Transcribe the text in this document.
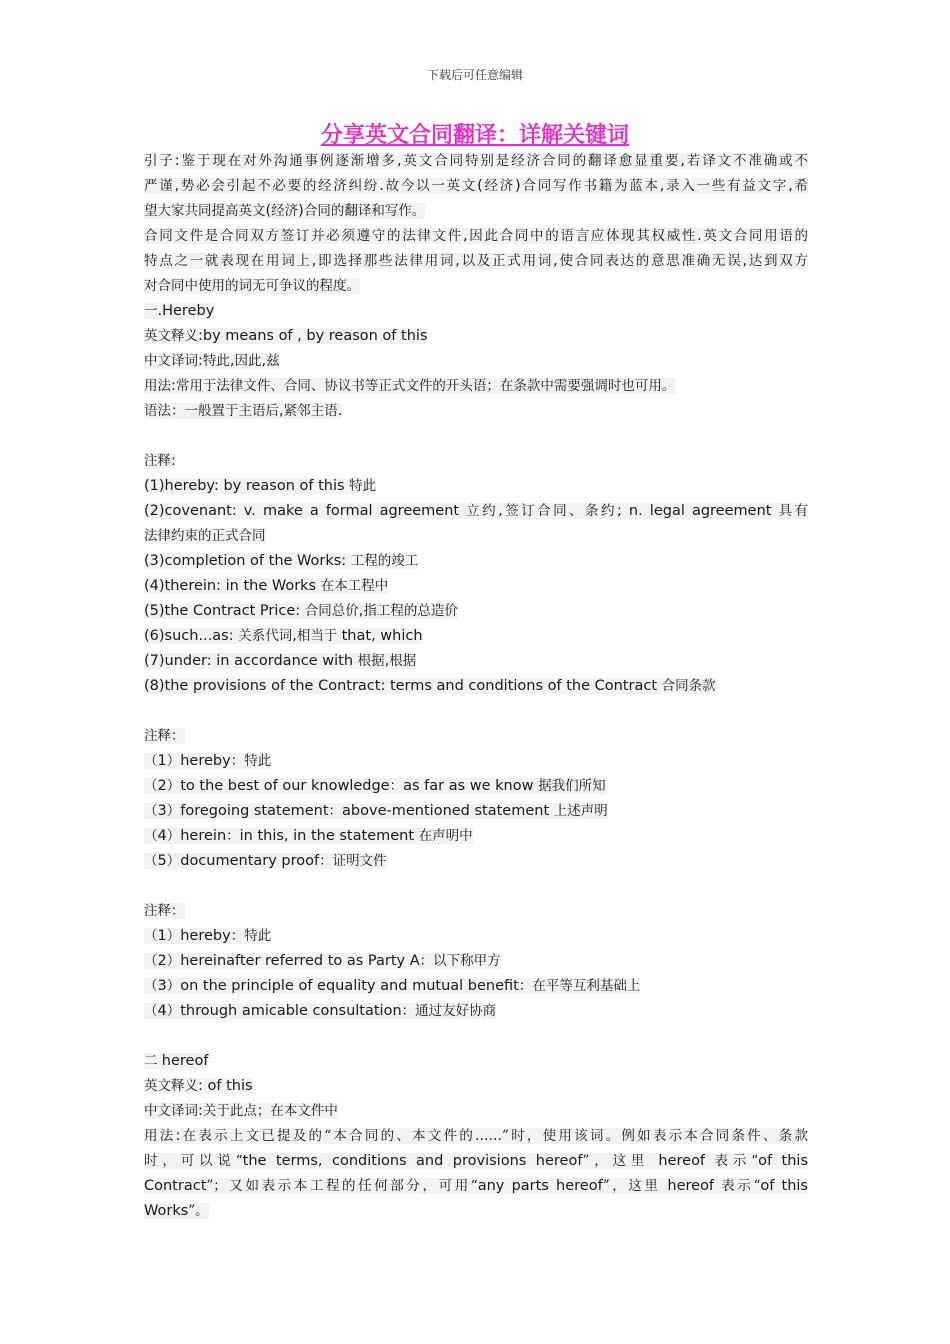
下载后可任意编辑
分享英文合同翻译：详解关键词
引子:鉴于现在对外沟通事例逐渐增多,英文合同特别是经济合同的翻译愈显重要,若译文不准确或不
严谨,势必会引起不必要的经济纠纷.故今以一英文(经济)合同写作书籍为蓝本,录入一些有益文字,希
望大家共同提高英文(经济)合同的翻译和写作。
合同文件是合同双方签订并必须遵守的法律文件,因此合同中的语言应体现其权威性.英文合同用语的
特点之一就表现在用词上,即选择那些法律用词,以及正式用词,使合同表达的意思准确无误,达到双方
对合同中使用的词无可争议的程度。
一.Hereby
英文释义:by means of , by reason of this
中文译词:特此,因此,兹
用法:常用于法律文件、合同、协议书等正式文件的开头语；在条款中需要强调时也可用。
语法：一般置于主语后,紧邻主语.
注释:
(1)hereby: by reason of this 特此
(2)covenant: v. make a formal agreement 立约,签订合同、条约; n. legal agreement 具有
法律约束的正式合同
(3)completion of the Works: 工程的竣工
(4)therein: in the Works 在本工程中
(5)the Contract Price: 合同总价,指工程的总造价
(6)such...as: 关系代词,相当于 that, which
(7)under: in accordance with 根据,根据
(8)the provisions of the Contract: terms and conditions of the Contract 合同条款
注释：
（1）hereby：特此
（2）to the best of our knowledge：as far as we know 据我们所知
（3）foregoing statement：above-mentioned statement 上述声明
（4）herein：in this, in the statement 在声明中
（5）documentary proof：证明文件
注释：
（1）hereby：特此
（2）hereinafter referred to as Party A：以下称甲方
（3）on the principle of equality and mutual benefit：在平等互利基础上
（4）through amicable consultation：通过友好协商
二 hereof
英文释义: of this
中文译词:关于此点；在本文件中
用法:在表示上文已提及的“本合同的、本文件的……”时，使用该词。例如表示本合同条件、条款
时，可以说“the terms, conditions and provisions hereof”，这里 hereof 表示“of this
Contract”；又如表示本工程的任何部分，可用“any parts hereof”，这里 hereof 表示“of this
Works”。
